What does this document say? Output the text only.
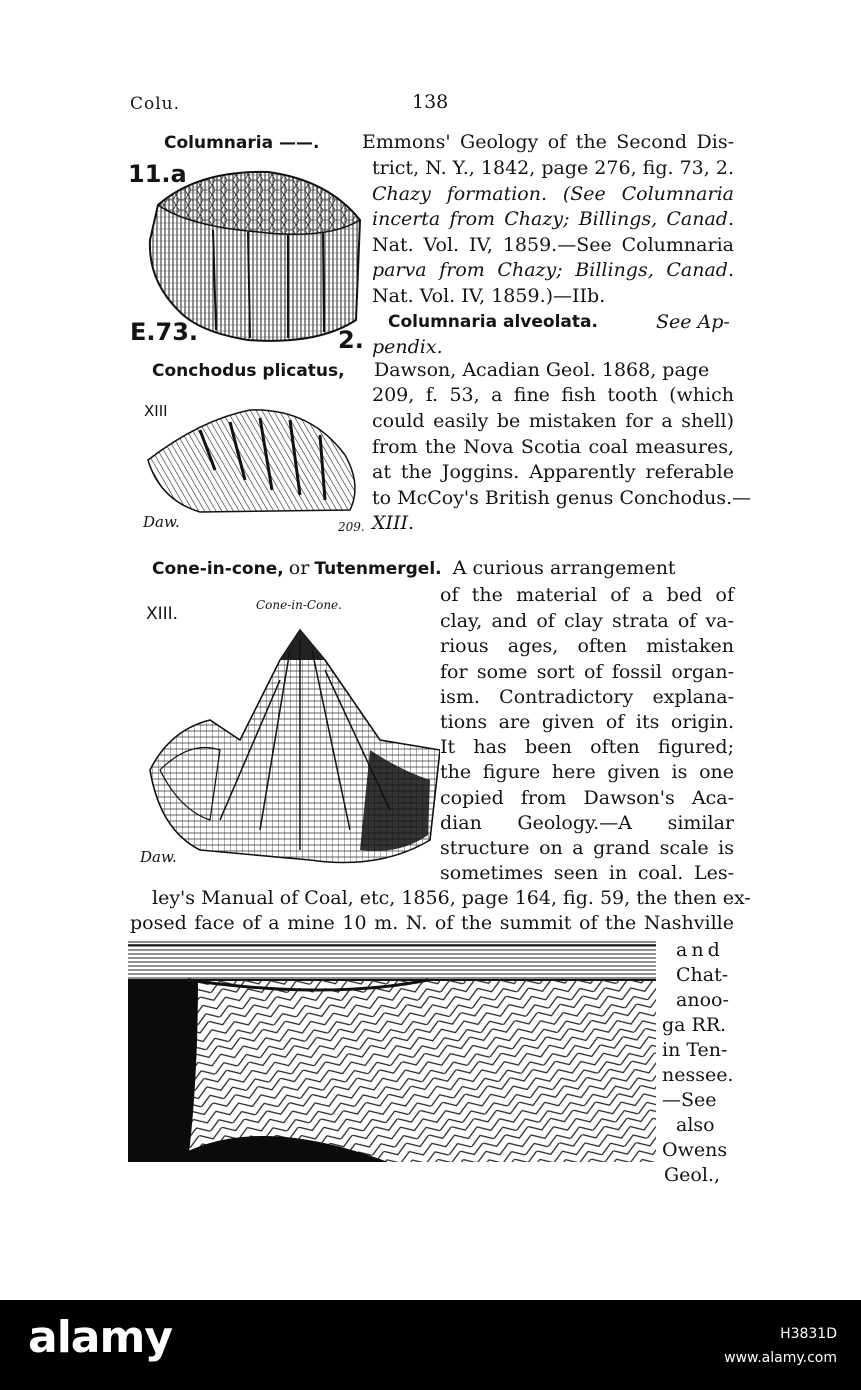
Colu.	138
Columnaria ——. Emmons' Geology of the Second Dis-
trict, N. Y., 1842, page 276, fig. 73, 2.
Chazy formation. (See Columnaria
incerta from Chazy; Billings, Canad.
Nat. Vol. IV, 1859.—See Columnaria
parva from Chazy; Billings, Canad.
Nat. Vol. IV, 1859.)—IIb.
11.a
E.73.	2.
Columnaria alveolata.	See Ap-
pendix.
Conchodus plicatus, Dawson, Acadian Geol. 1868, page
209, f. 53, a fine fish tooth (which
could easily be mistaken for a shell)
from the Nova Scotia coal measures,
at the Joggins. Apparently referable
to McCoy's British genus Conchodus.—
XIII.
XIII
Daw.	209.
Cone-in-cone, or Tutenmergel. A curious arrangement
of the material of a bed of
clay, and of clay strata of va-
rious ages, often mistaken
for some sort of fossil organ-
ism. Contradictory explana-
tions are given of its origin.
It has been often figured;
the figure here given is one
copied from Dawson's Aca-
dian Geology.—A similar
structure on a grand scale is
sometimes seen in coal. Les-
ley's Manual of Coal, etc, 1856, page 164, fig. 59, the then ex-
posed face of a mine 10 m. N. of the summit of the Nashville
XIII.	Cone-in-Cone.
Daw.
and
Chat-
anoo-
ga RR.
in Ten-
nessee.
—See
also
Owens
Geol.,
alamy	H3831D
www.alamy.com
